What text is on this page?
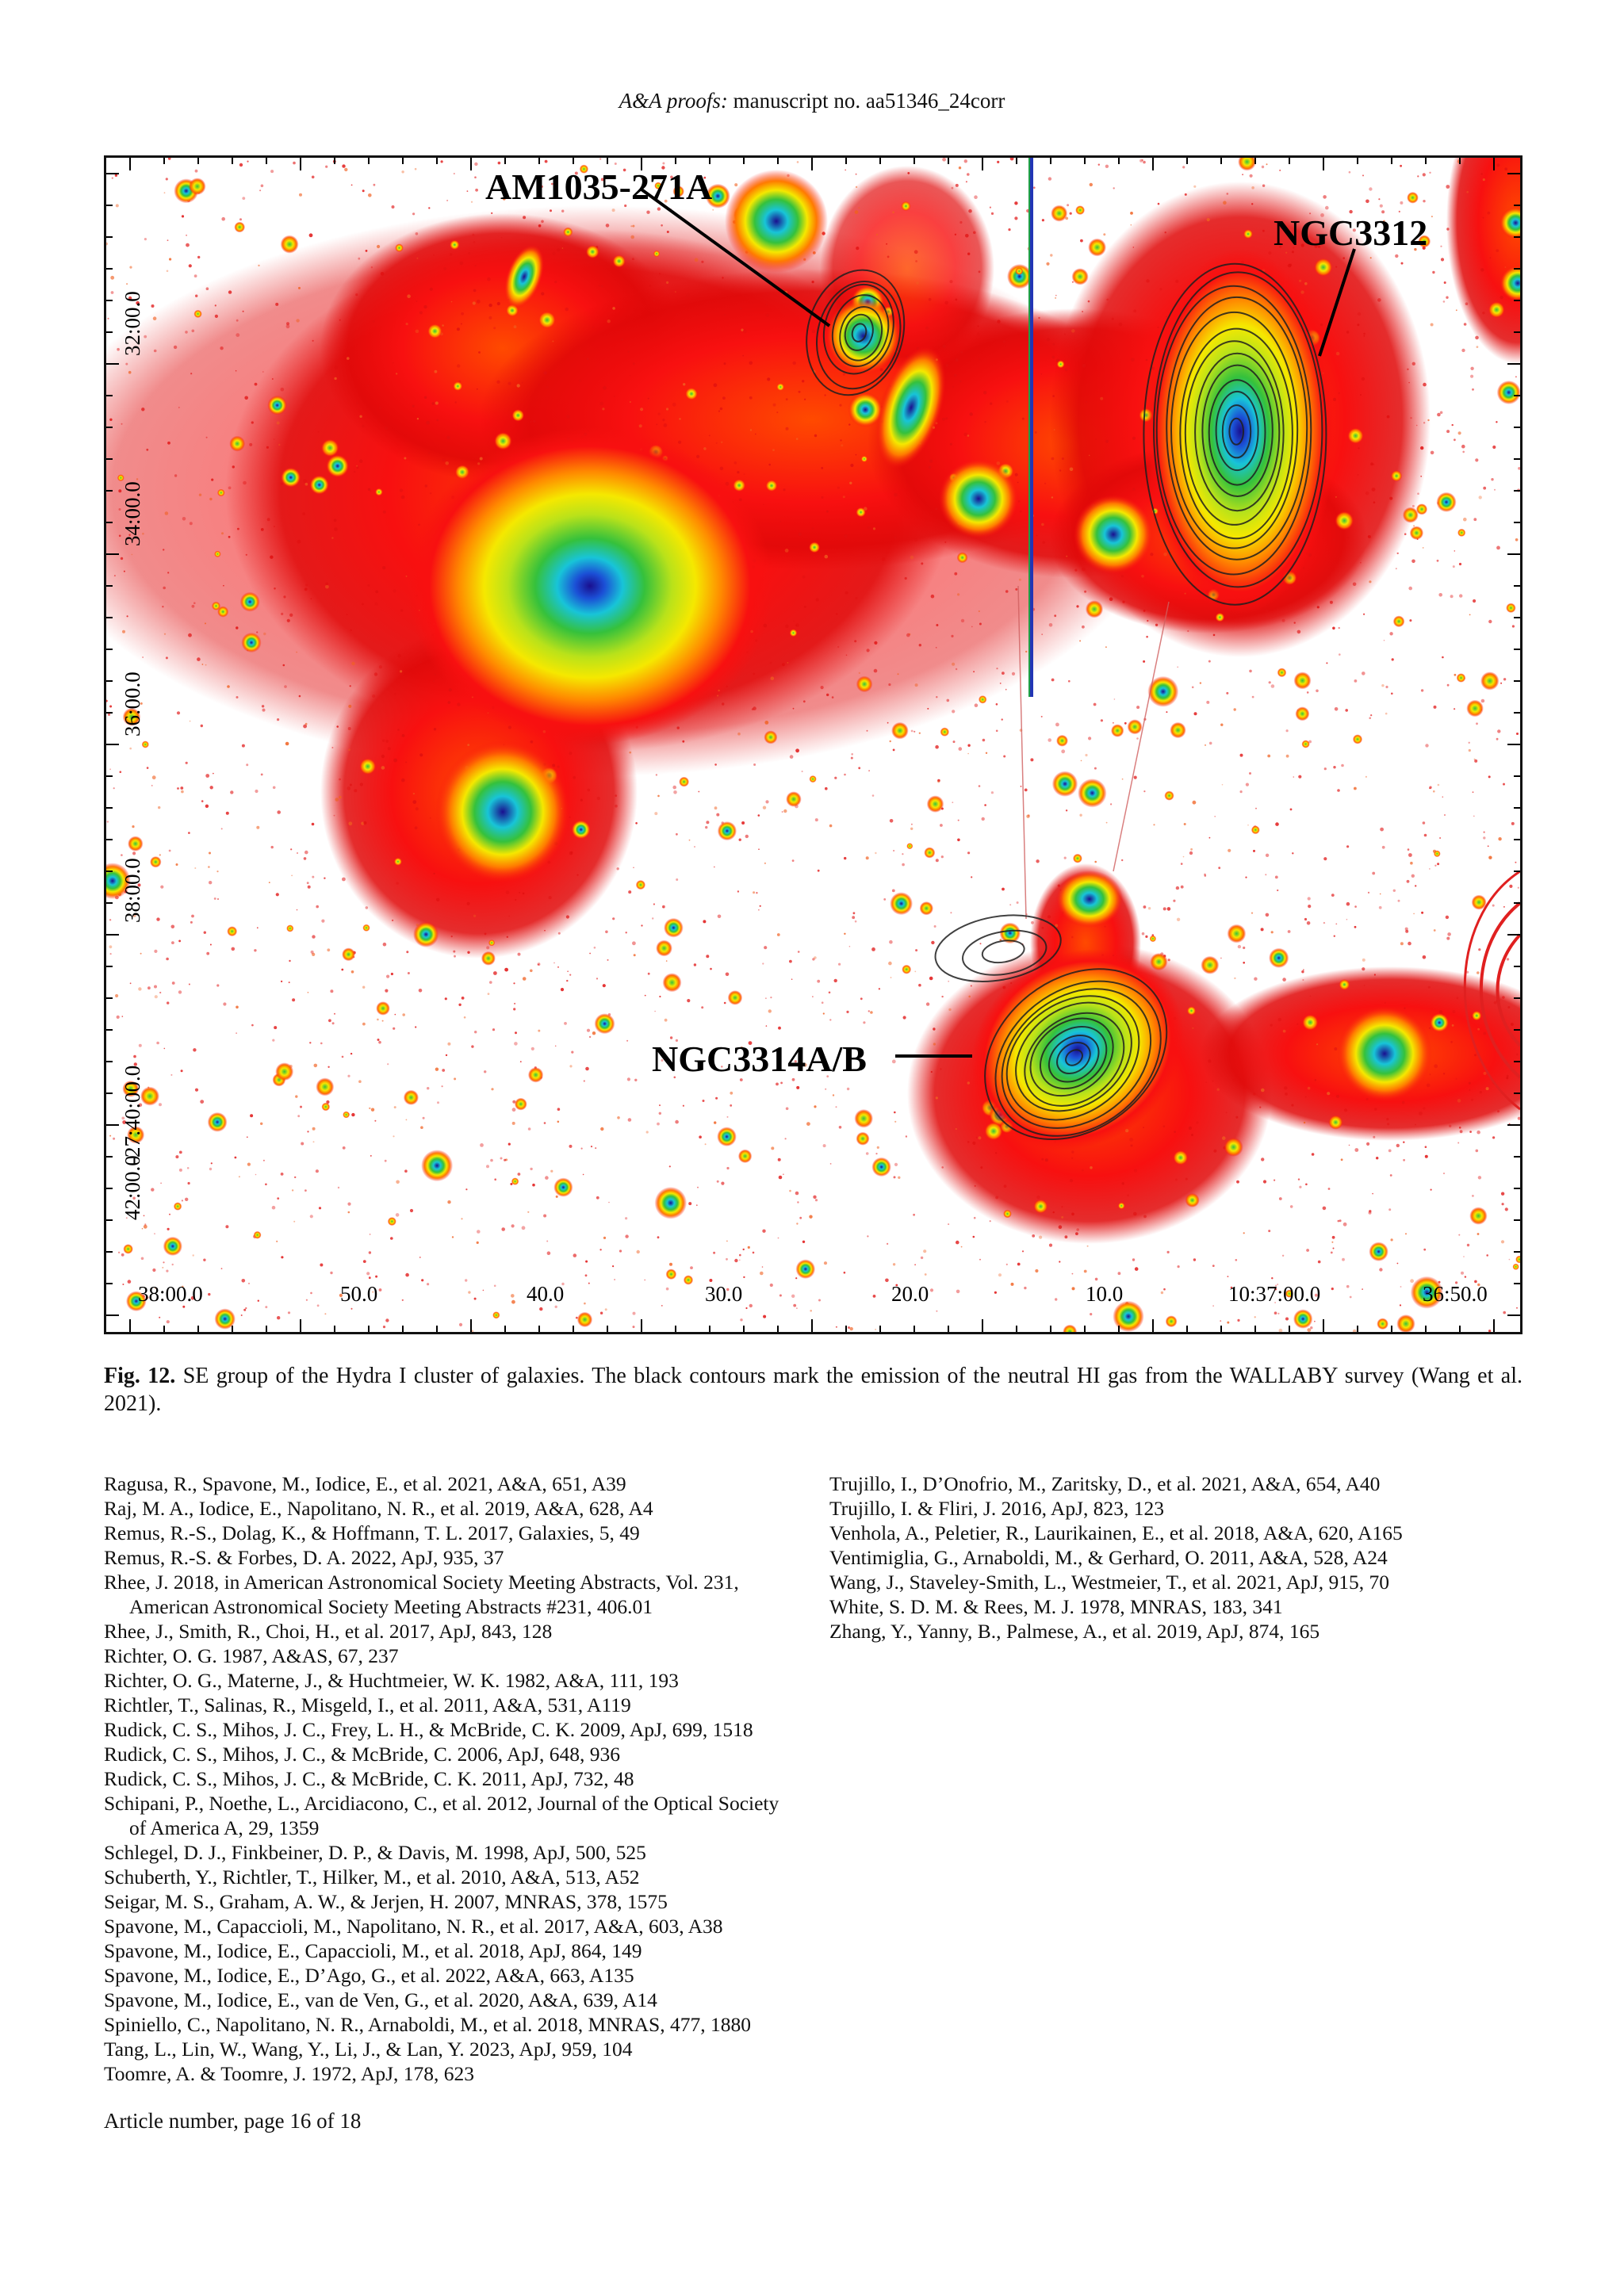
A&A proofs: manuscript no. aa51346_24corr
AM1035-271A
NGC3312
NGC3314A/B
38:00.0	50.0	40.0	30.0	20.0	10.0	10:37:00.0	36:50.0
32:00.0
34:00.0
36:00.0
38:00.0
-27:40:00.0
42:00.0
Fig. 12. SE group of the Hydra I cluster of galaxies. The black contours mark the emission of the neutral HI gas from the WALLABY survey (Wang et al. 2021).
Ragusa, R., Spavone, M., Iodice, E., et al. 2021, A&A, 651, A39
Raj, M. A., Iodice, E., Napolitano, N. R., et al. 2019, A&A, 628, A4
Remus, R.-S., Dolag, K., & Hoffmann, T. L. 2017, Galaxies, 5, 49
Remus, R.-S. & Forbes, D. A. 2022, ApJ, 935, 37
Rhee, J. 2018, in American Astronomical Society Meeting Abstracts, Vol. 231, American Astronomical Society Meeting Abstracts #231, 406.01
Rhee, J., Smith, R., Choi, H., et al. 2017, ApJ, 843, 128
Richter, O. G. 1987, A&AS, 67, 237
Richter, O. G., Materne, J., & Huchtmeier, W. K. 1982, A&A, 111, 193
Richtler, T., Salinas, R., Misgeld, I., et al. 2011, A&A, 531, A119
Rudick, C. S., Mihos, J. C., Frey, L. H., & McBride, C. K. 2009, ApJ, 699, 1518
Rudick, C. S., Mihos, J. C., & McBride, C. 2006, ApJ, 648, 936
Rudick, C. S., Mihos, J. C., & McBride, C. K. 2011, ApJ, 732, 48
Schipani, P., Noethe, L., Arcidiacono, C., et al. 2012, Journal of the Optical Society of America A, 29, 1359
Schlegel, D. J., Finkbeiner, D. P., & Davis, M. 1998, ApJ, 500, 525
Schuberth, Y., Richtler, T., Hilker, M., et al. 2010, A&A, 513, A52
Seigar, M. S., Graham, A. W., & Jerjen, H. 2007, MNRAS, 378, 1575
Spavone, M., Capaccioli, M., Napolitano, N. R., et al. 2017, A&A, 603, A38
Spavone, M., Iodice, E., Capaccioli, M., et al. 2018, ApJ, 864, 149
Spavone, M., Iodice, E., D’Ago, G., et al. 2022, A&A, 663, A135
Spavone, M., Iodice, E., van de Ven, G., et al. 2020, A&A, 639, A14
Spiniello, C., Napolitano, N. R., Arnaboldi, M., et al. 2018, MNRAS, 477, 1880
Tang, L., Lin, W., Wang, Y., Li, J., & Lan, Y. 2023, ApJ, 959, 104
Toomre, A. & Toomre, J. 1972, ApJ, 178, 623
Trujillo, I., D’Onofrio, M., Zaritsky, D., et al. 2021, A&A, 654, A40
Trujillo, I. & Fliri, J. 2016, ApJ, 823, 123
Venhola, A., Peletier, R., Laurikainen, E., et al. 2018, A&A, 620, A165
Ventimiglia, G., Arnaboldi, M., & Gerhard, O. 2011, A&A, 528, A24
Wang, J., Staveley-Smith, L., Westmeier, T., et al. 2021, ApJ, 915, 70
White, S. D. M. & Rees, M. J. 1978, MNRAS, 183, 341
Zhang, Y., Yanny, B., Palmese, A., et al. 2019, ApJ, 874, 165
Article number, page 16 of 18
